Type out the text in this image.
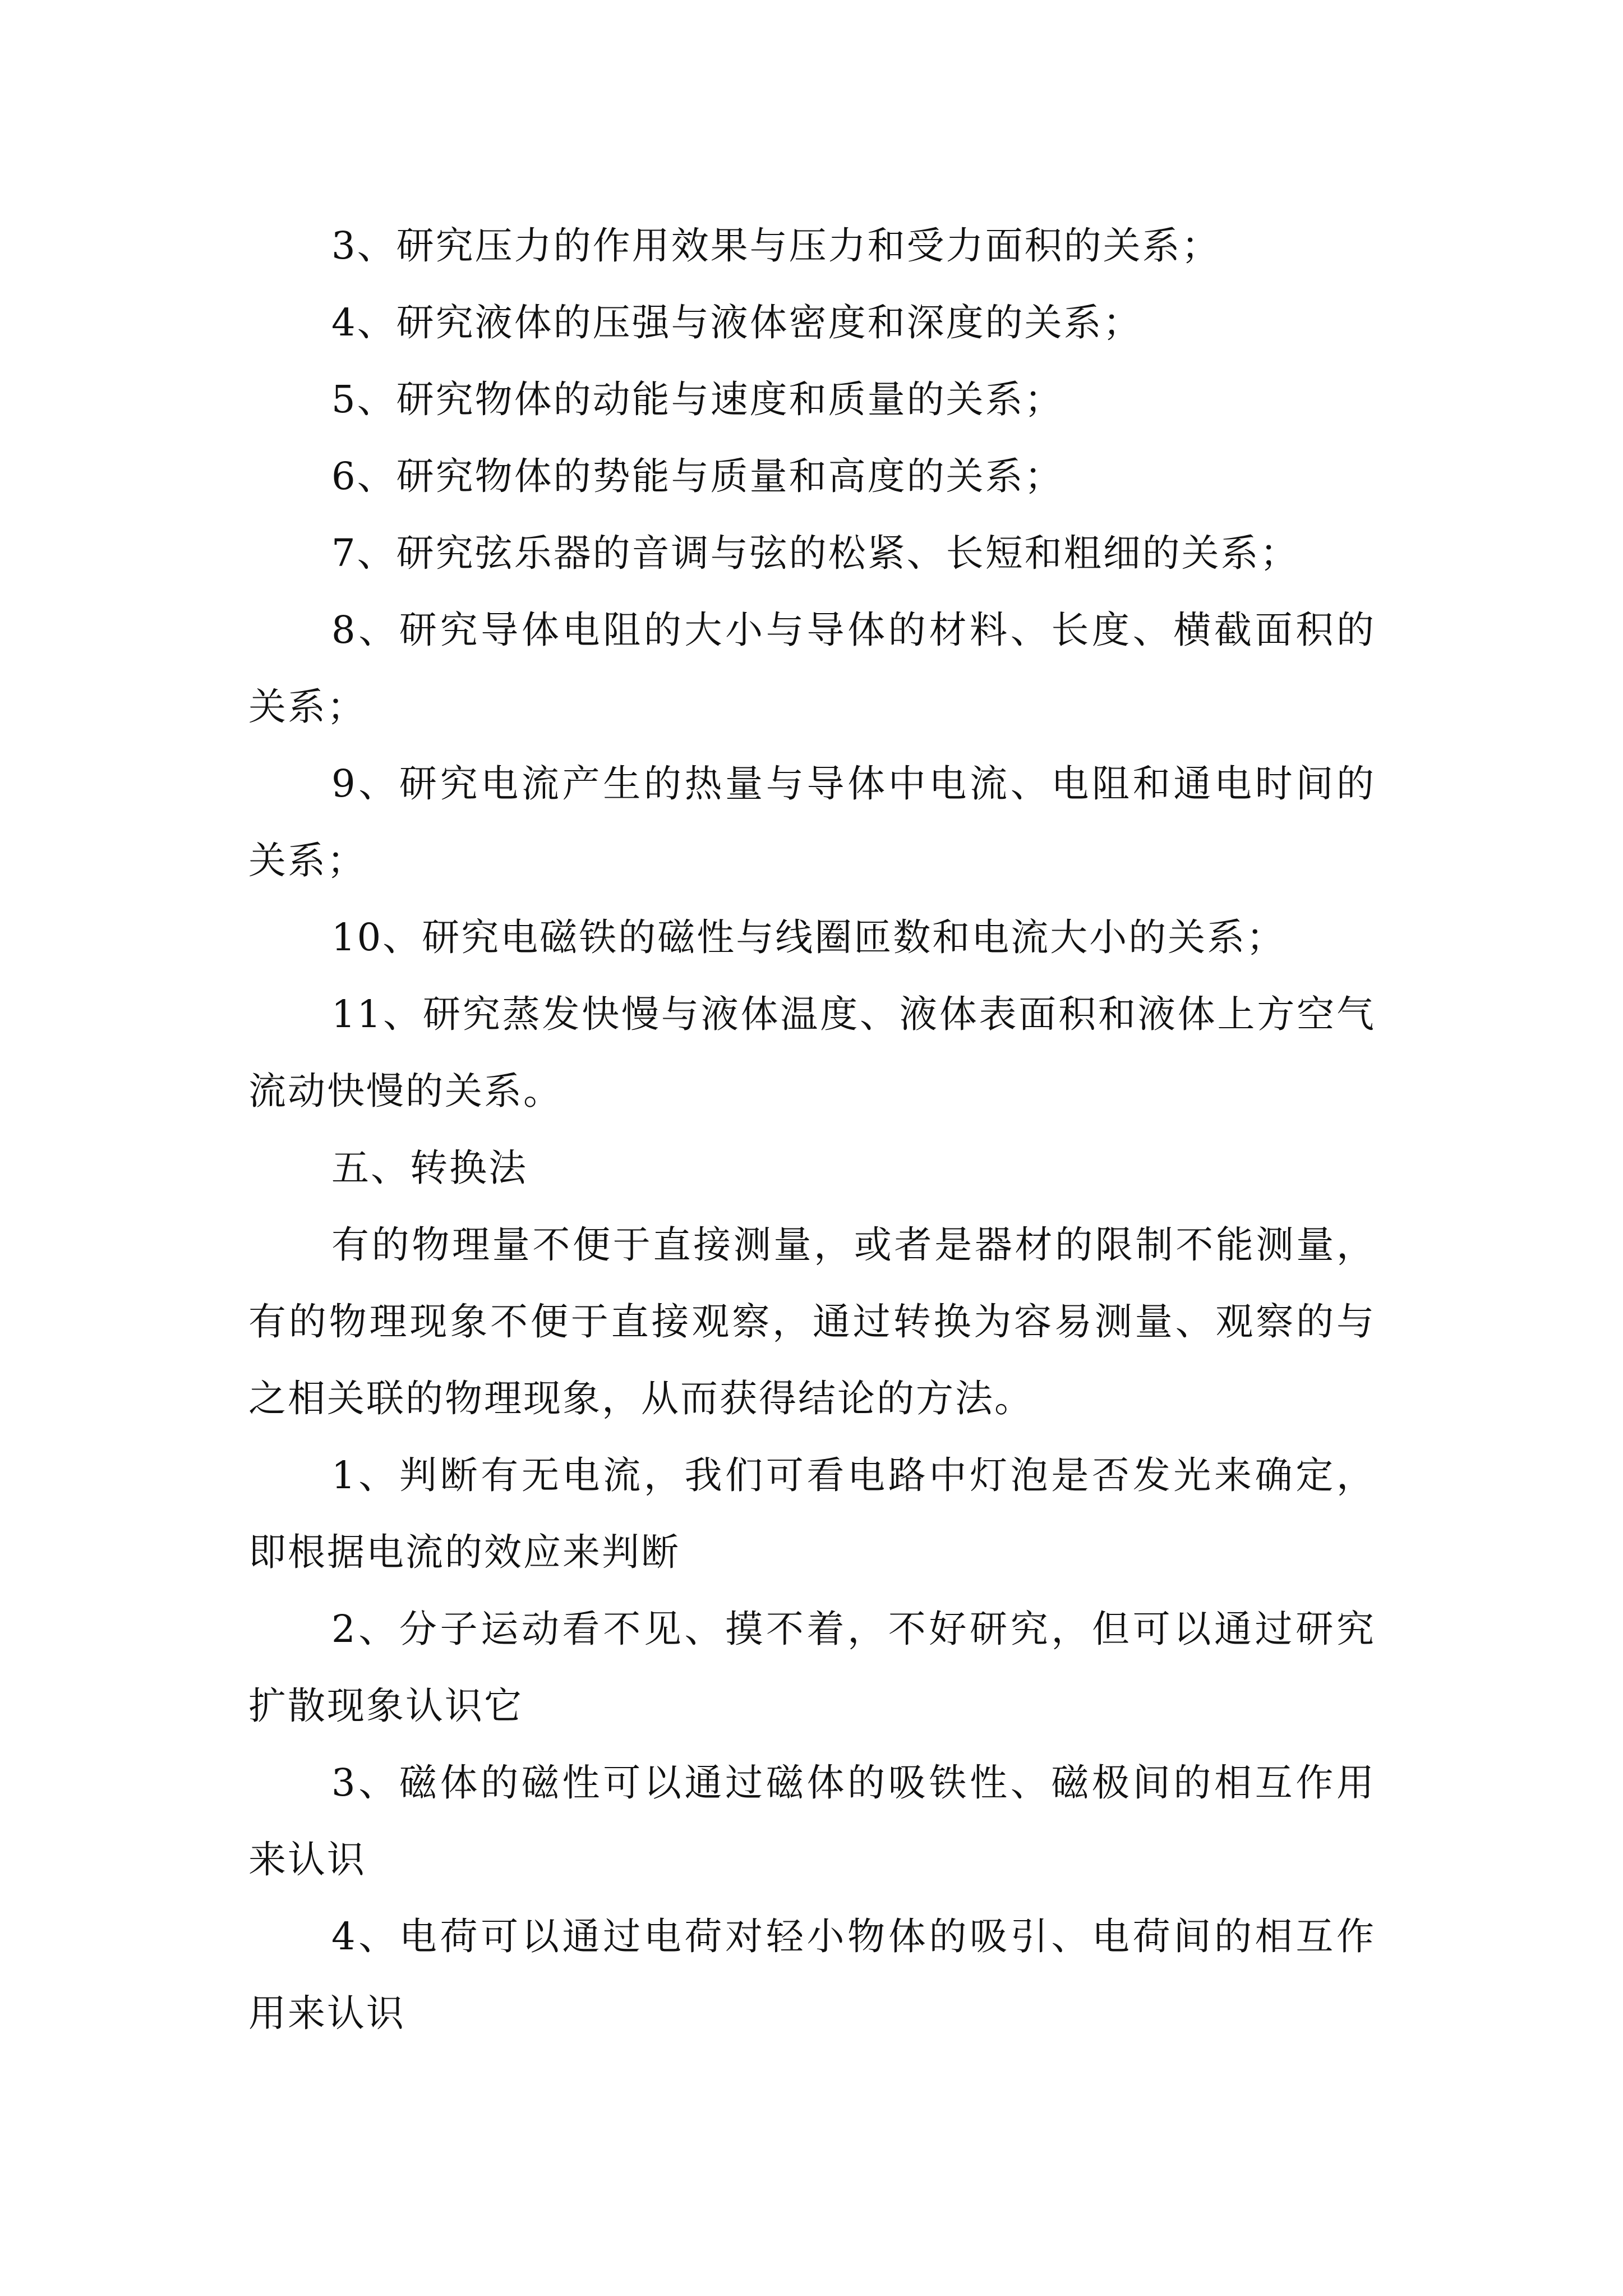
3、研究压力的作用效果与压力和受力面积的关系；

4、研究液体的压强与液体密度和深度的关系；

5、研究物体的动能与速度和质量的关系；

6、研究物体的势能与质量和高度的关系；

7、研究弦乐器的音调与弦的松紧、长短和粗细的关系；

8、研究导体电阻的大小与导体的材料、长度、横截面积的关系；

9、研究电流产生的热量与导体中电流、电阻和通电时间的关系；

10、研究电磁铁的磁性与线圈匝数和电流大小的关系；

11、研究蒸发快慢与液体温度、液体表面积和液体上方空气流动快慢的关系。

五、转换法

有的物理量不便于直接测量，或者是器材的限制不能测量，有的物理现象不便于直接观察，通过转换为容易测量、观察的与之相关联的物理现象，从而获得结论的方法。

1、判断有无电流，我们可看电路中灯泡是否发光来确定，即根据电流的效应来判断

2、分子运动看不见、摸不着，不好研究，但可以通过研究扩散现象认识它

3、磁体的磁性可以通过磁体的吸铁性、磁极间的相互作用来认识

4、电荷可以通过电荷对轻小物体的吸引、电荷间的相互作用来认识
